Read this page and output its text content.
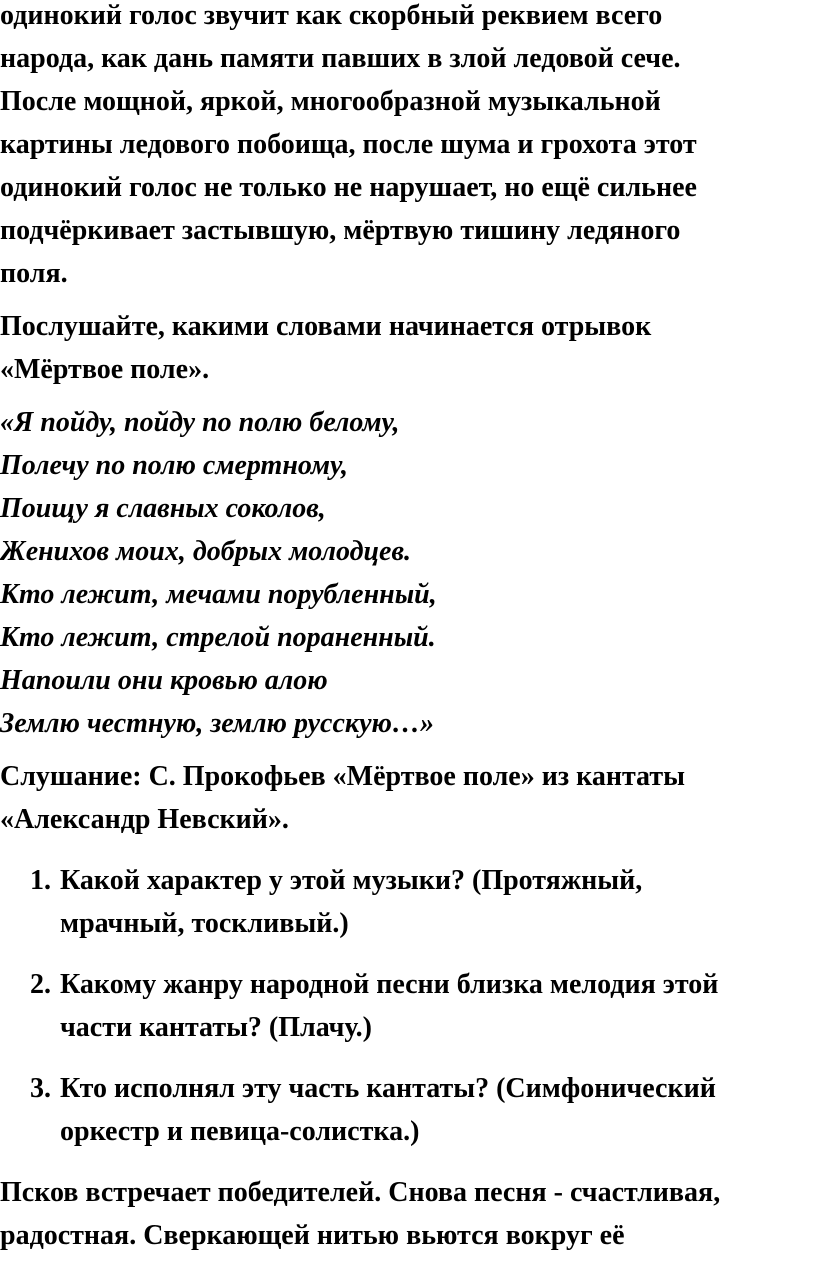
одинокий голос звучит как скорбный реквием всего
народа, как дань памяти павших в злой ледовой сече.
После мощной, яркой, многообразной музыкальной
картины ледового побоища, после шума и грохота этот
одинокий голос не только не нарушает, но ещё сильнее
подчёркивает застывшую, мёртвую тишину ледяного
поля.

Послушайте, какими словами начинается отрывок
«Мёртвое поле».

«Я пойду, пойду по полю белому,
Полечу по полю смертному,
Поищу я славных соколов,
Женихов моих, добрых молодцев.
Кто лежит, мечами порубленный,
Кто лежит, стрелой пораненный.
Напоили они кровью алою
Землю честную, землю русскую…»

Слушание: С. Прокофьев «Мёртвое поле» из кантаты
«Александр Невский».

1. Какой характер у этой музыки? (Протяжный,
мрачный, тоскливый.)
2. Какому жанру народной песни близка мелодия этой
части кантаты? (Плачу.)
3. Кто исполнял эту часть кантаты? (Симфонический
оркестр и певица-солистка.)

Псков встречает победителей. Снова песня - счастливая,
радостная. Сверкающей нитью вьются вокруг её
